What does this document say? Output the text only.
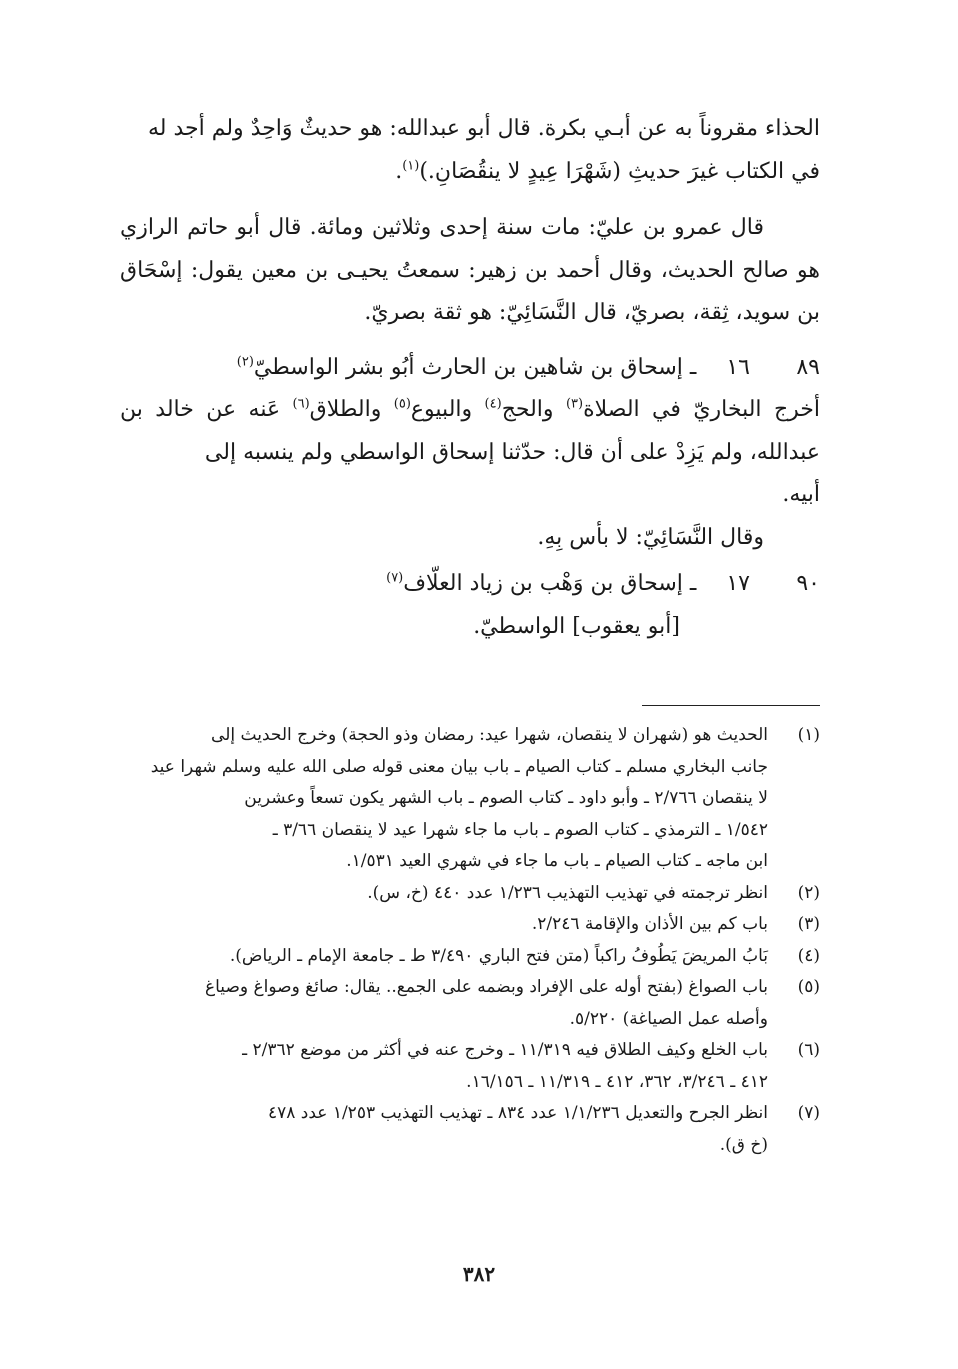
الحذاء مقروناً به عن أبـي بكرة. قال أبو عبدالله: هو حديثٌ وَاحِدٌ ولم أجد له
في الكتاب غيرَ حديثِ (شَهْرَا عِيدٍ لا ينقُصَانِ.)$^{(١)}$.

قال عمرو بن عليّ: مات سنة إحدى وثلاثين ومائة. قال أبو حاتم الرازي هو صالح الحديث، وقال أحمد بن زهير: سمعتُ يحيـى بن معين يقول: إسْحَاق بن سويد، ثِقة، بصريّ، قال النَّسَائِيّ: هو ثقة بصريّ.

٨٩
١٦
ـ إسحاق بن شاهين بن الحارث أبُو بشر الواسطيّ$^{(٢)}$

أخرج البخاريّ في الصلاة$^{(٣)}$ والحج$^{(٤)}$ والبيوع$^{(٥)}$ والطلاق$^{(٦)}$ عَنه عن خالد بن عبدالله، ولم يَزِدْ على أن قال: حدّثنا إسحاق الواسطي ولم ينسبه إلى
أبيه.

وقال النَّسَائِيّ: لا بأس بِهِ.

٩٠
١٧
ـ إسحاق بن وَهْب بن زياد العلّاف$^{(٧)}$

[أبو يعقوب] الواسطيّ.

(١)
الحديث هو (شهران لا ينقصان، شهرا عيد: رمضان وذو الحجة) وخرج الحديث إلى
جانب البخاري مسلم ـ كتاب الصيام ـ باب بيان معنى قوله صلى الله عليه وسلم شهرا عيد
لا ينقصان ٢/٧٦٦ ـ وأبو داود ـ كتاب الصوم ـ باب الشهر يكون تسعاً وعشرين
١/٥٤٢ ـ الترمذي ـ كتاب الصوم ـ باب ما جاء شهرا عيد لا ينقصان ٣/٦٦ ـ
ابن ماجه ـ كتاب الصيام ـ باب ما جاء في شهري العيد ١/٥٣١.
(٢)
انظر ترجمته في تهذيب التهذيب ١/٢٣٦ عدد ٤٤٠ (خ، س).
(٣)
باب كم بين الأذان والإقامة ٢/٢٤٦.
(٤)
بَابُ المريضَ يَطُوفُ راكباً (متن فتح الباري ٣/٤٩٠ ط ـ جامعة الإمام ـ الرياض).
(٥)
باب الصواغ (بفتح أوله على الإفراد وبضمه على الجمع.. يقال: صائغ وصواغ وصياغ
وأصله عمل الصياغة) ٥/٢٢٠.
(٦)
باب الخلع وكيف الطلاق فيه ١١/٣١٩ ـ وخرج عنه في أكثر من موضع ٢/٣٦٢ ـ
٤١٢ ـ ٣/٢٤٦، ٣٦٢، ٤١٢ ـ ١١/٣١٩ ـ ١٦/١٥٦.
(٧)
انظر الجرح والتعديل ١/١/٢٣٦ عدد ٨٣٤ ـ تهذيب التهذيب ١/٢٥٣ عدد ٤٧٨
(خ ق).
٣٨٢
